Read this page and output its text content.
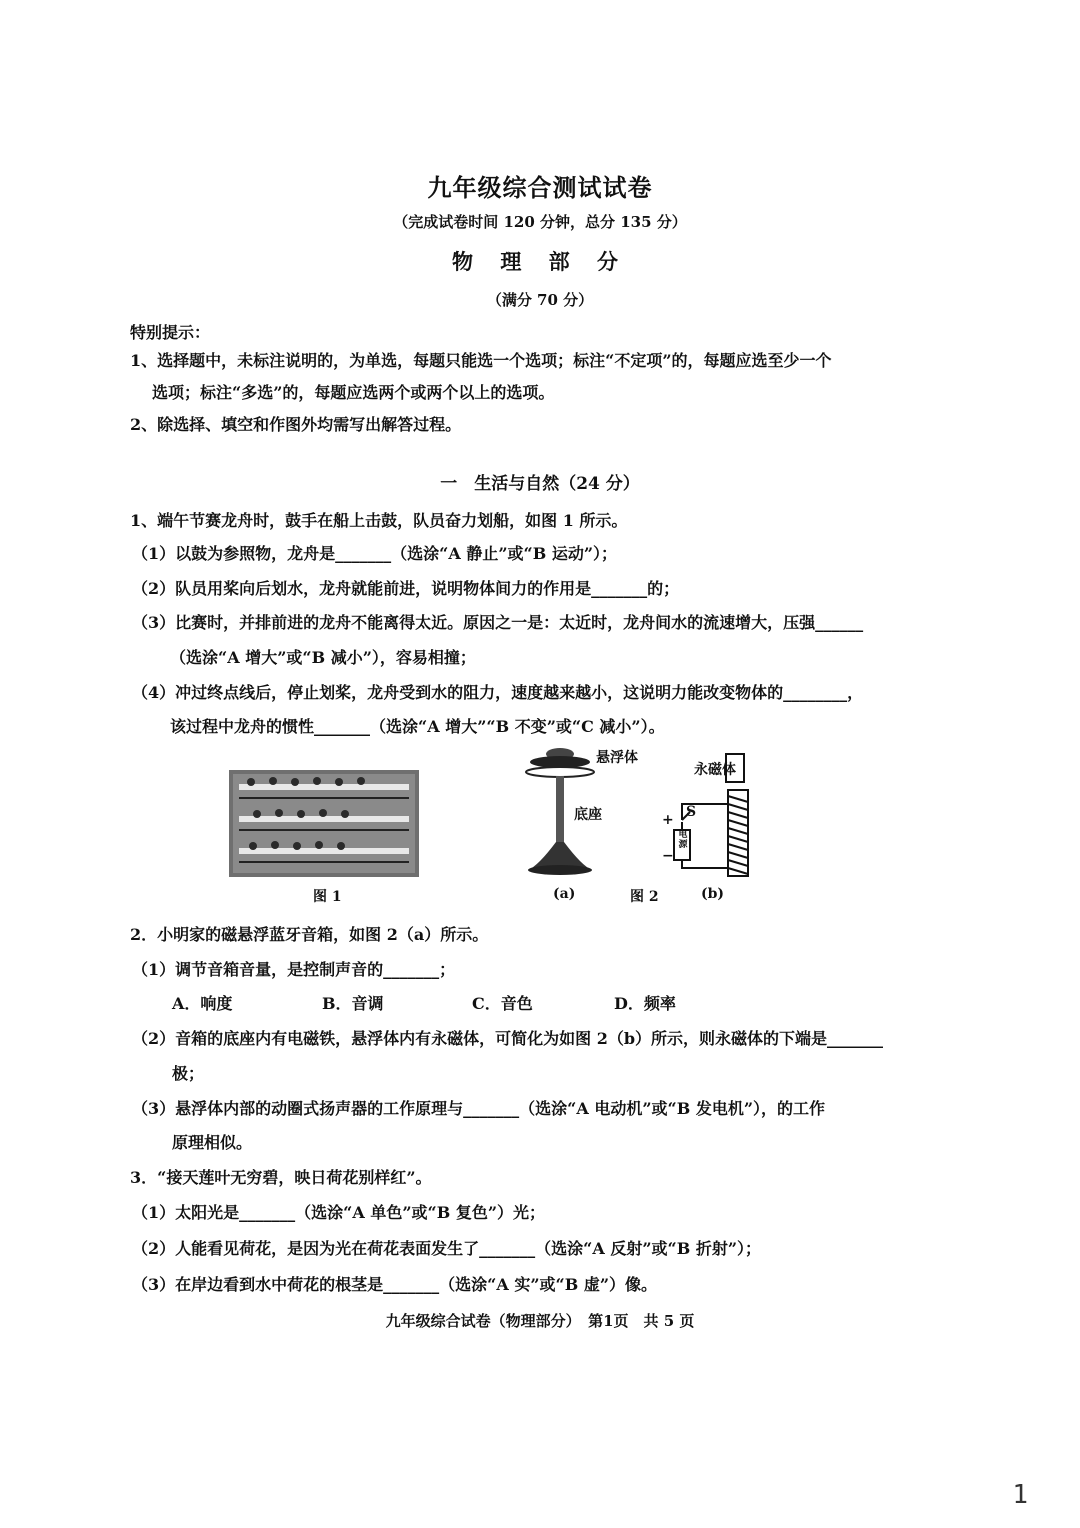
九年级综合测试试卷
（完成试卷时间 120 分钟，总分 135 分）
物 理 部 分
（满分 70 分）
特别提示：
1、选择题中，未标注说明的，为单选，每题只能选一个选项；标注“不定项”的，每题应选至少一个
选项；标注“多选”的，每题应选两个或两个以上的选项。
2、除选择、填空和作图外均需写出解答过程。
一　生活与自然（24 分）
1、端午节赛龙舟时，鼓手在船上击鼓，队员奋力划船，如图 1 所示。
（1）以鼓为参照物，龙舟是_______（选涂“A 静止”或“B 运动”）；
（2）队员用桨向后划水，龙舟就能前进，说明物体间力的作用是_______的；
（3）比赛时，并排前进的龙舟不能离得太近。原因之一是：太近时，龙舟间水的流速增大，压强______
（选涂“A 增大”或“B 减小”），容易相撞；
（4）冲过终点线后，停止划桨，龙舟受到水的阻力，速度越来越小，这说明力能改变物体的________，
该过程中龙舟的惯性_______（选涂“A 增大”“B 不变”或“C 减小”）。
图 1
悬浮体
底座
(a)	图 2
永磁体
S
+
−
电源
(b)
2．小明家的磁悬浮蓝牙音箱，如图 2（a）所示。
（1）调节音箱音量，是控制声音的_______；
A．响度	B．音调	C．音色	D．频率
（2）音箱的底座内有电磁铁，悬浮体内有永磁体，可简化为如图 2（b）所示，则永磁体的下端是_______
极；
（3）悬浮体内部的动圈式扬声器的工作原理与_______（选涂“A 电动机”或“B 发电机”），的工作
原理相似。
3．“接天莲叶无穷碧，映日荷花别样红”。
（1）太阳光是_______（选涂“A 单色”或“B 复色”）光；
（2）人能看见荷花，是因为光在荷花表面发生了_______（选涂“A 反射”或“B 折射”）；
（3）在岸边看到水中荷花的根茎是_______（选涂“A 实”或“B 虚”）像。
九年级综合试卷（物理部分）　第1页　共 5 页
1
